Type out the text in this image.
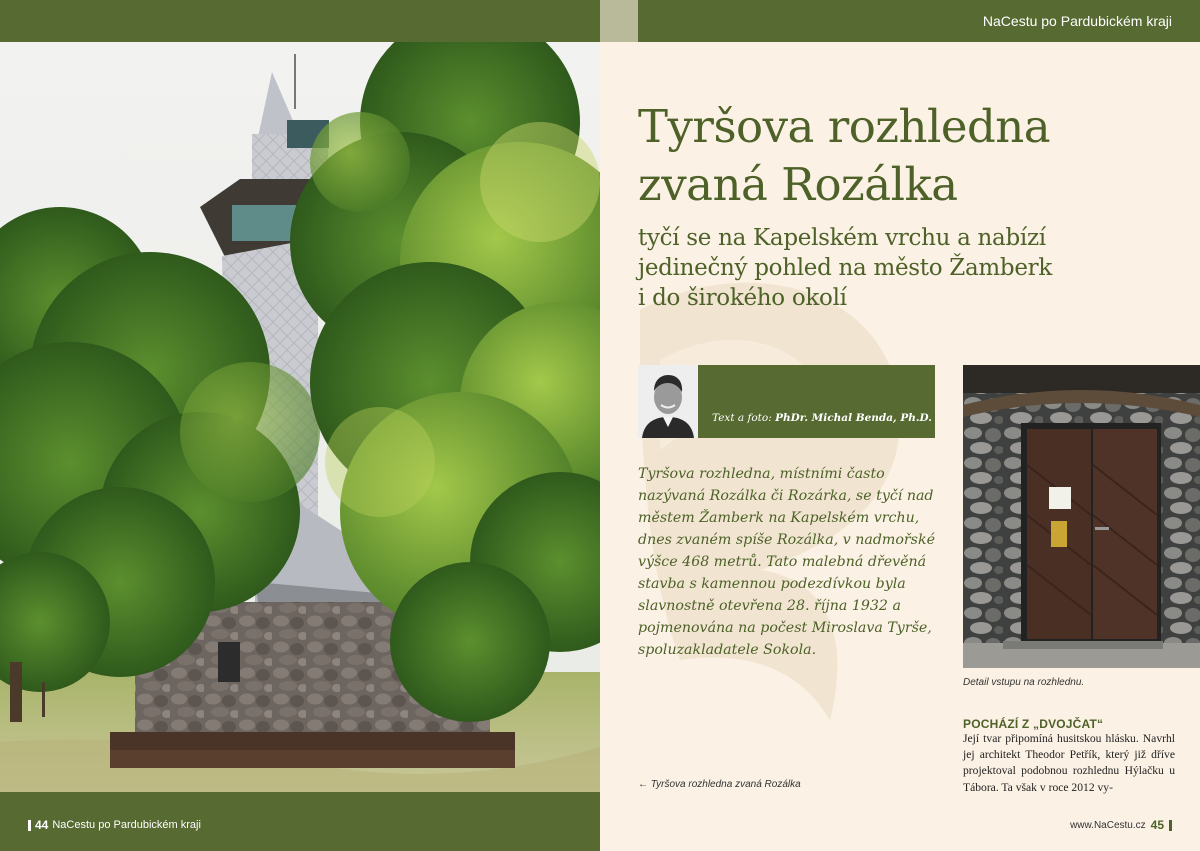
44 NaCestu po Pardubickém kraji
NaCestu po Pardubickém kraji
Tyršova rozhledna
zvaná Rozálka
tyčí se na Kapelském vrchu a nabízí
jedinečný pohled na město Žamberk
i do širokého okolí
Text a foto: PhDr. Michal Benda, Ph.D.
Tyršova rozhledna, místními často nazývaná Rozálka či Rozárka, se tyčí nad městem Žamberk na Kapelském vrchu, dnes zvaném spíše Rozálka, v nadmořské výšce 468 metrů. Tato malebná dřevěná stavba s kamennou podezdívkou byla slavnostně otevřena 28. října 1932 a pojmenována na počest Miroslava Tyrše, spoluzakladatele Sokola.
← Tyršova rozhledna zvaná Rozálka
Detail vstupu na rozhlednu.
POCHÁZÍ Z „DVOJČAT“
Její tvar připomíná husitskou hlásku. Navrhl jej architekt Theodor Petřík, který již dříve projektoval podobnou rozhlednu Hýlačku u Tábora. Ta však v roce 2012 vy-
www.NaCestu.cz 45
